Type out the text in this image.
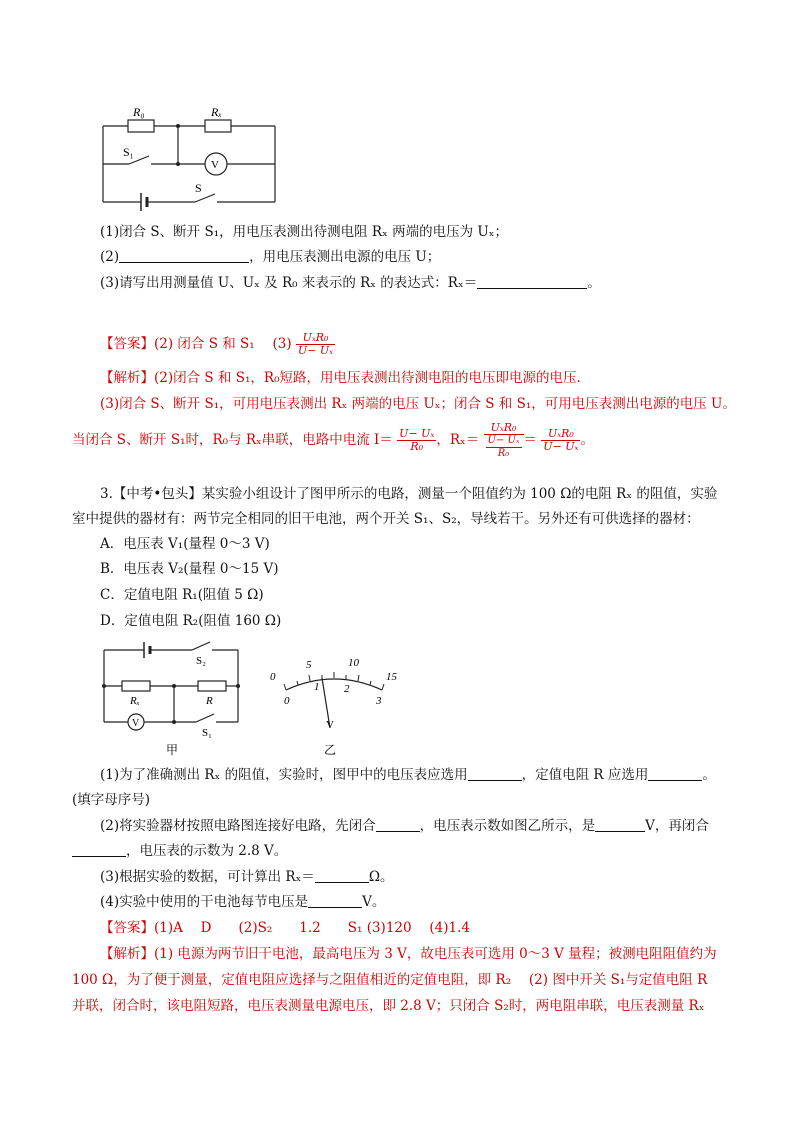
R₀	Rₓ
S₁
V
S
(1)闭合 S、断开 S₁，用电压表测出待测电阻 Rₓ 两端的电压为 Uₓ；
(2)	，用电压表测出电源的电压 U；
(3)请写出用测量值 U、Uₓ 及 R₀ 来表示的 Rₓ 的表达式：Rₓ＝	。
【答案】(2) 闭合 S 和 S₁　 $(3) \frac{\text{UₓR₀}}{\text{U− Uₓ}}$
【解析】(2)闭合 S 和 S₁，R₀短路，用电压表测出待测电阻的电压即电源的电压.
(3)闭合 S、断开 S₁，可用电压表测出 Rₓ 两端的电压 Uₓ；闭合 S 和 S₁，可用电压表测出电源的电压 U。
当闭合 S、断开 S₁时，R₀与 Rₓ串联，电路中电流 $I= \frac{\text{U− Uₓ}}{\text{R₀}}$ ，$R_x= \frac{\text{UₓR₀}}{\frac{\text{U− Uₓ}}{\text{R₀}}} = \frac{\text{UₓR₀}}{\text{U− Uₓ}}$ 。
3.【中考•包头】某实验小组设计了图甲所示的电路，测量一个阻值约为 100 Ω的电阻 Rₓ 的阻值，实验
室中提供的器材有：两节完全相同的旧干电池，两个开关 S₁、S₂，导线若干。另外还有可供选择的器材：
A．电压表 V₁(量程 0～3 V)
B．电压表 V₂(量程 0～15 V)
C．定值电阻 R₁(阻值 5 Ω)
D．定值电阻 R₂(阻值 160 Ω)
S₂
Rₓ	R
V
S₁
甲
0
5	10
15
0
1 2
3
V
乙
(1)为了准确测出 Rₓ 的阻值，实验时，图甲中的电压表应选用	，定值电阻 R 应选用	。
(填字母序号)
(2)将实验器材按照电路图连接好电路，先闭合	，电压表示数如图乙所示，是	V，再闭合
，电压表的示数为 2.8 V。
(3)根据实验的数据，可计算出 Rₓ＝	Ω。
(4)实验中使用的干电池每节电压是	V。
【答案】(1)A　 D　　(2)S₂　　1.2　　S₁ (3)120　 (4)1.4
【解析】(1) 电源为两节旧干电池，最高电压为 3 V，故电压表可选用 0～3 V 量程；被测电阻阻值约为
100 Ω，为了便于测量，定值电阻应选择与之阻值相近的定值电阻，即 R₂　 (2) 图中开关 S₁与定值电阻 R
并联，闭合时，该电阻短路，电压表测量电源电压，即 2.8 V；只闭合 S₂时，两电阻串联，电压表测量 Rₓ
